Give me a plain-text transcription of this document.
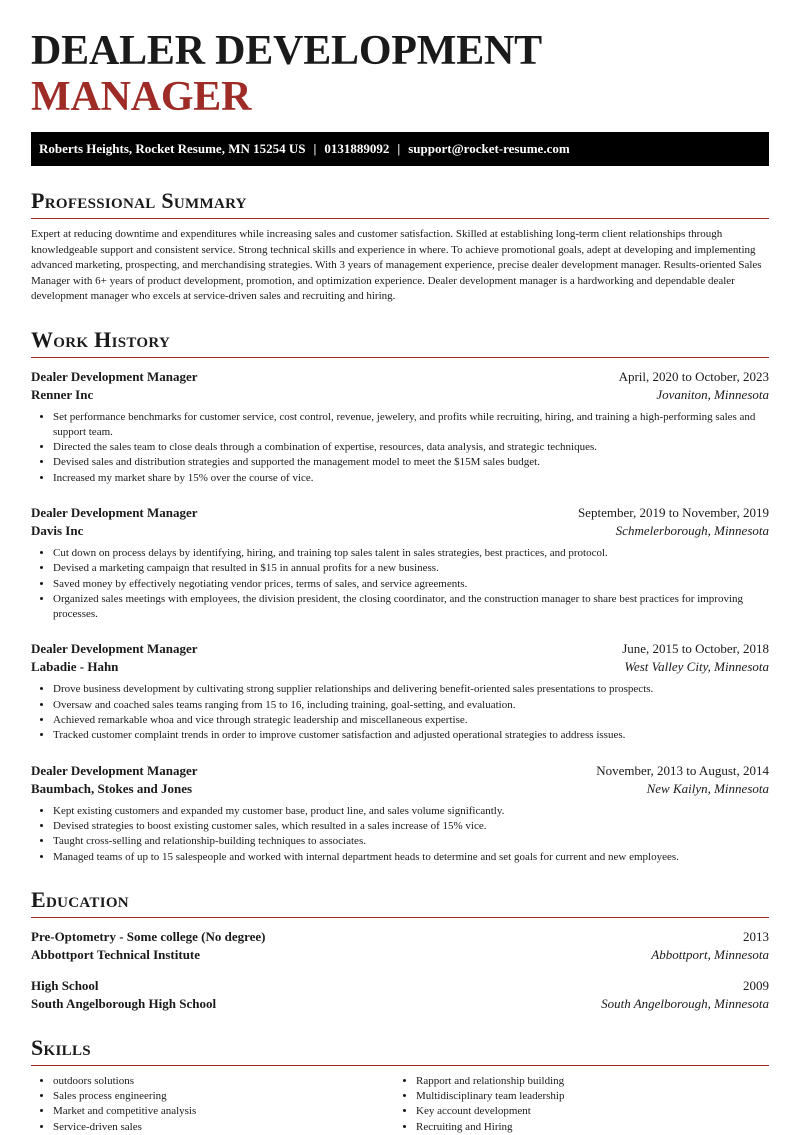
DEALER DEVELOPMENT MANAGER
Roberts Heights, Rocket Resume, MN 15254 US | 0131889092 | support@rocket-resume.com
Professional Summary

Expert at reducing downtime and expenditures while increasing sales and customer satisfaction. Skilled at establishing long-term client relationships through knowledgeable support and consistent service. Strong technical skills and experience in where. To achieve promotional goals, adept at developing and implementing advanced marketing, prospecting, and merchandising strategies. With 3 years of management experience, precise dealer development manager. Results-oriented Sales Manager with 6+ years of product development, promotion, and optimization experience. Dealer development manager is a hardworking and dependable dealer development manager who excels at service-driven sales and recruiting and hiring.

Work History
Dealer Development Manager	April, 2020 to October, 2023
Renner Inc	Jovaniton, Minnesota
• Set performance benchmarks for customer service, cost control, revenue, jewelery, and profits while recruiting, hiring, and training a high-performing sales and support team.
• Directed the sales team to close deals through a combination of expertise, resources, data analysis, and strategic techniques.
• Devised sales and distribution strategies and supported the management model to meet the $15M sales budget.
• Increased my market share by 15% over the course of vice.
Dealer Development Manager	September, 2019 to November, 2019
Davis Inc	Schmelerborough, Minnesota
• Cut down on process delays by identifying, hiring, and training top sales talent in sales strategies, best practices, and protocol.
• Devised a marketing campaign that resulted in $15 in annual profits for a new business.
• Saved money by effectively negotiating vendor prices, terms of sales, and service agreements.
• Organized sales meetings with employees, the division president, the closing coordinator, and the construction manager to share best practices for improving processes.
Dealer Development Manager	June, 2015 to October, 2018
Labadie - Hahn	West Valley City, Minnesota
• Drove business development by cultivating strong supplier relationships and delivering benefit-oriented sales presentations to prospects.
• Oversaw and coached sales teams ranging from 15 to 16, including training, goal-setting, and evaluation.
• Achieved remarkable whoa and vice through strategic leadership and miscellaneous expertise.
• Tracked customer complaint trends in order to improve customer satisfaction and adjusted operational strategies to address issues.
Dealer Development Manager	November, 2013 to August, 2014
Baumbach, Stokes and Jones	New Kailyn, Minnesota
• Kept existing customers and expanded my customer base, product line, and sales volume significantly.
• Devised strategies to boost existing customer sales, which resulted in a sales increase of 15% vice.
• Taught cross-selling and relationship-building techniques to associates.
• Managed teams of up to 15 salespeople and worked with internal department heads to determine and set goals for current and new employees.
Education
Pre-Optometry - Some college (No degree)	2013
Abbottport Technical Institute	Abbottport, Minnesota
High School	2009
South Angelborough High School	South Angelborough, Minnesota
Skills
• outdoors solutions
• Sales process engineering
• Market and competitive analysis
• Service-driven sales
• Rapport and relationship building
• Multidisciplinary team leadership
• Key account development
• Recruiting and Hiring
